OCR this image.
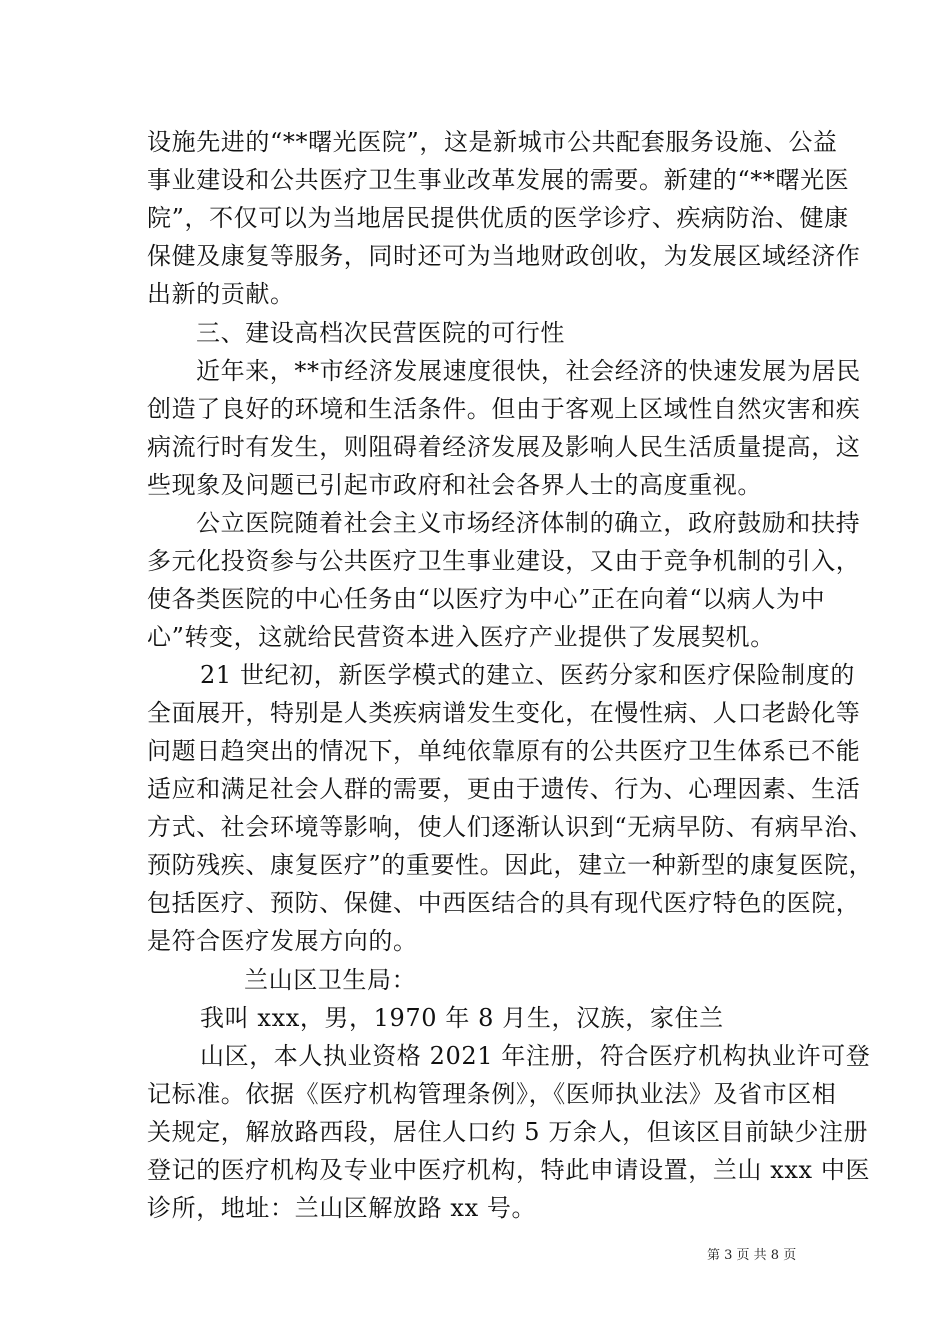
设施先进的“**曙光医院”，这是新城市公共配套服务设施、公益
事业建设和公共医疗卫生事业改革发展的需要。新建的“**曙光医
院”，不仅可以为当地居民提供优质的医学诊疗、疾病防治、健康
保健及康复等服务，同时还可为当地财政创收，为发展区域经济作
出新的贡献。
三、建设高档次民营医院的可行性
近年来，**市经济发展速度很快，社会经济的快速发展为居民
创造了良好的环境和生活条件。但由于客观上区域性自然灾害和疾
病流行时有发生，则阻碍着经济发展及影响人民生活质量提高，这
些现象及问题已引起市政府和社会各界人士的高度重视。
公立医院随着社会主义市场经济体制的确立，政府鼓励和扶持
多元化投资参与公共医疗卫生事业建设，又由于竞争机制的引入，
使各类医院的中心任务由“以医疗为中心”正在向着“以病人为中
心”转变，这就给民营资本进入医疗产业提供了发展契机。
21 世纪初，新医学模式的建立、医药分家和医疗保险制度的
全面展开，特别是人类疾病谱发生变化，在慢性病、人口老龄化等
问题日趋突出的情况下，单纯依靠原有的公共医疗卫生体系已不能
适应和满足社会人群的需要，更由于遗传、行为、心理因素、生活
方式、社会环境等影响，使人们逐渐认识到“无病早防、有病早治、
预防残疾、康复医疗”的重要性。因此，建立一种新型的康复医院，
包括医疗、预防、保健、中西医结合的具有现代医疗特色的医院，
是符合医疗发展方向的。
兰山区卫生局：
我叫 xxx，男，1970 年 8 月生，汉族，家住兰
山区，本人执业资格 2021 年注册，符合医疗机构执业许可登
记标准。依据《医疗机构管理条例》，《医师执业法》及省市区相
关规定，解放路西段，居住人口约 5 万余人，但该区目前缺少注册
登记的医疗机构及专业中医疗机构，特此申请设置，兰山 xxx 中医
诊所，地址：兰山区解放路 xx 号。
第 3 页 共 8 页
